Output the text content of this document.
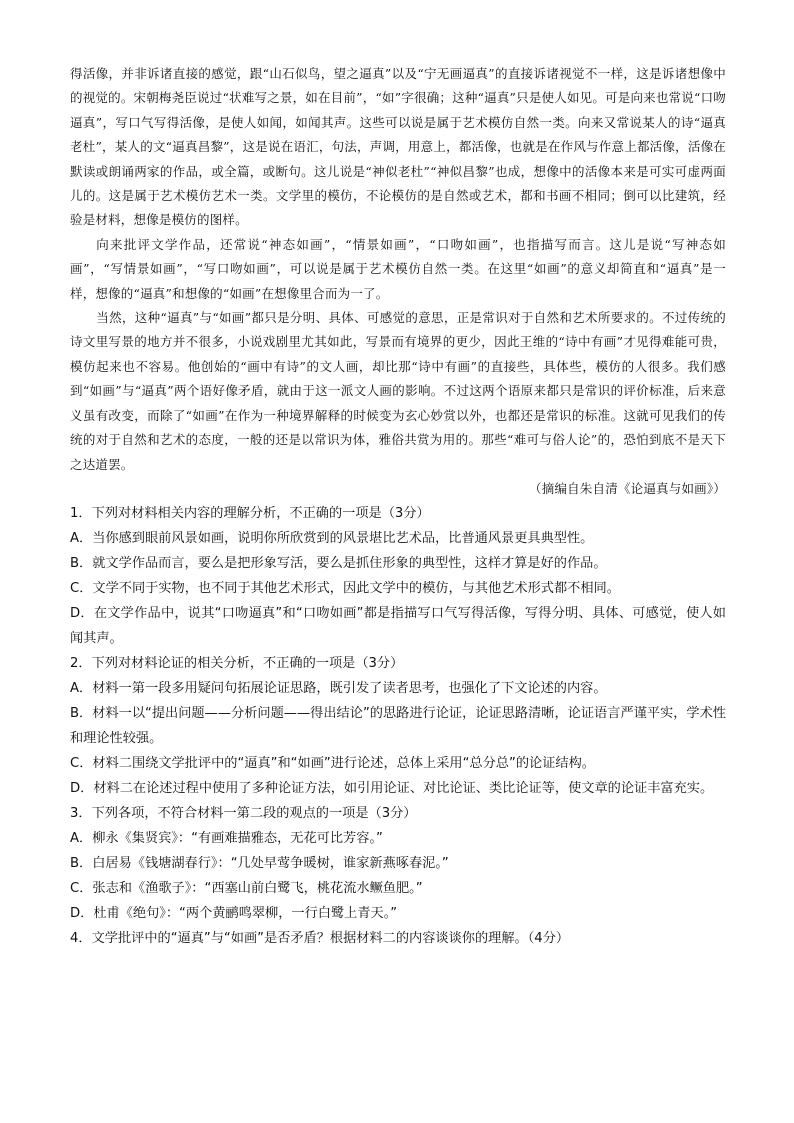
得活像，并非诉诸直接的感觉，跟“山石似鸟，望之逼真”以及“宁无画逼真”的直接诉诸视觉不一样，这是诉诸想像中的视觉的。宋朝梅尧臣说过“状难写之景，如在目前”，“如”字很确；这种“逼真”只是使人如见。可是向来也常说“口吻逼真”，写口气写得活像，是使人如闻，如闻其声。这些可以说是属于艺术模仿自然一类。向来又常说某人的诗“逼真老杜”，某人的文“逼真昌黎”，这是说在语汇，句法，声调，用意上，都活像，也就是在作风与作意上都活像，活像在默读或朗诵两家的作品，或全篇，或断句。这儿说是“神似老杜”“神似昌黎”也成，想像中的活像本来是可实可虚两面儿的。这是属于艺术模仿艺术一类。文学里的模仿，不论模仿的是自然或艺术，都和书画不相同；倒可以比建筑，经验是材料，想像是模仿的图样。

向来批评文学作品，还常说“神态如画”，“情景如画”，“口吻如画”，也指描写而言。这儿是说“写神态如画”，“写情景如画”，“写口吻如画”，可以说是属于艺术模仿自然一类。在这里“如画”的意义却简直和“逼真”是一样，想像的“逼真”和想像的“如画”在想像里合而为一了。

当然，这种“逼真”与“如画”都只是分明、具体、可感觉的意思，正是常识对于自然和艺术所要求的。不过传统的诗文里写景的地方并不很多，小说戏剧里尤其如此，写景而有境界的更少，因此王维的“诗中有画”才见得难能可贵，模仿起来也不容易。他创始的“画中有诗”的文人画，却比那“诗中有画”的直接些，具体些，模仿的人很多。我们感到“如画”与“逼真”两个语好像矛盾，就由于这一派文人画的影响。不过这两个语原来都只是常识的评价标准，后来意义虽有改变，而除了“如画”在作为一种境界解释的时候变为玄心妙赏以外，也都还是常识的标准。这就可见我们的传统的对于自然和艺术的态度，一般的还是以常识为体，雅俗共赏为用的。那些“难可与俗人论”的，恐怕到底不是天下之达道罢。

（摘编自朱自清《论逼真与如画》）

1．下列对材料相关内容的理解分析，不正确的一项是（3分）

A．当你感到眼前风景如画，说明你所欣赏到的风景堪比艺术品，比普通风景更具典型性。

B．就文学作品而言，要么是把形象写活，要么是抓住形象的典型性，这样才算是好的作品。

C．文学不同于实物，也不同于其他艺术形式，因此文学中的模仿，与其他艺术形式都不相同。

D．在文学作品中，说其“口吻逼真”和“口吻如画”都是指描写口气写得活像，写得分明、具体、可感觉，使人如闻其声。

2．下列对材料论证的相关分析，不正确的一项是（3分）

A．材料一第一段多用疑问句拓展论证思路，既引发了读者思考，也强化了下文论述的内容。

B．材料一以“提出问题——分析问题——得出结论”的思路进行论证，论证思路清晰，论证语言严谨平实，学术性和理论性较强。

C．材料二围绕文学批评中的“逼真”和“如画”进行论述，总体上采用“总分总”的论证结构。

D．材料二在论述过程中使用了多种论证方法，如引用论证、对比论证、类比论证等，使文章的论证丰富充实。

3．下列各项，不符合材料一第二段的观点的一项是（3分）

A．柳永《集贤宾》：“有画难描雅态，无花可比芳容。”

B．白居易《钱塘湖春行》：“几处早莺争暖树，谁家新燕啄春泥。”

C．张志和《渔歌子》：“西塞山前白鹭飞，桃花流水鳜鱼肥。”

D．杜甫《绝句》：“两个黄鹂鸣翠柳，一行白鹭上青天。”

4．文学批评中的“逼真”与“如画”是否矛盾？根据材料二的内容谈谈你的理解。（4分）
